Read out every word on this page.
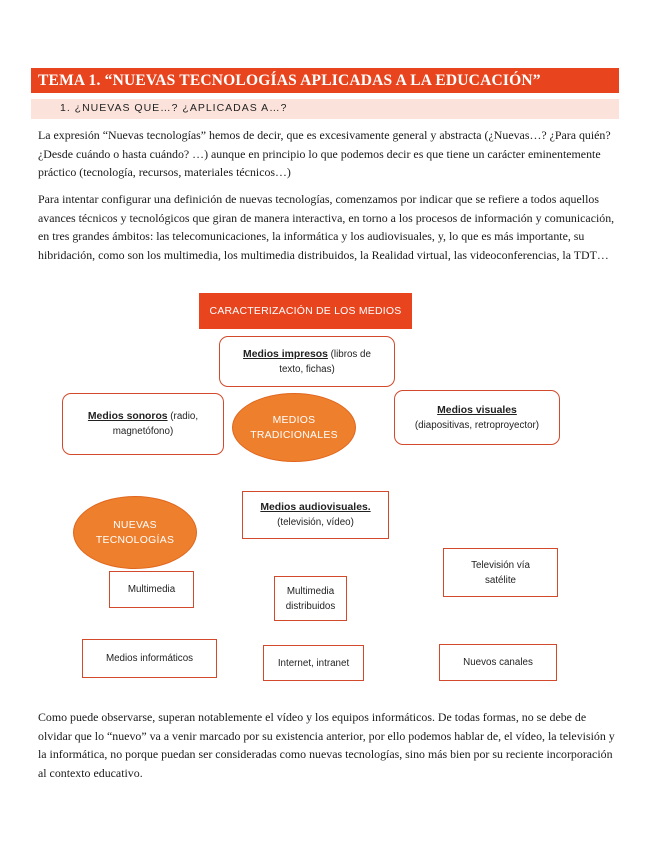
TEMA 1. “NUEVAS TECNOLOGÍAS APLICADAS A LA EDUCACIÓN”
1. ¿NUEVAS QUE…? ¿APLICADAS A…?

La expresión “Nuevas tecnologías” hemos de decir, que es excesivamente general y abstracta (¿Nuevas…? ¿Para quién? ¿Desde cuándo o hasta cuándo? …) aunque en principio lo que podemos decir es que tiene un carácter eminentemente práctico (tecnología, recursos, materiales técnicos…)

Para intentar configurar una definición de nuevas tecnologías, comenzamos por indicar que se refiere a todos aquellos avances técnicos y tecnológicos que giran de manera interactiva, en torno a los procesos de información y comunicación, en tres grandes ámbitos: las telecomunicaciones, la informática y los audiovisuales, y, lo que es más importante, su hibridación, como son los multimedia, los multimedia distribuidos, la Realidad virtual, las videoconferencias, la TDT…

CARACTERIZACIÓN DE LOS MEDIOS
Medios impresos (libros de
texto, fichas)
Medios sonoros (radio,
magnetófono)
MEDIOS
TRADICIONALES
Medios visuales
(diapositivas, retroproyector)
Medios audiovisuales.
(televisión, vídeo)
NUEVAS
TECNOLOGÍAS
Televisión vía
satélite
Multimedia	Multimedia
distribuidos
Medios informáticos	Internet, intranet	Nuevos canales

Como puede observarse, superan notablemente el vídeo y los equipos informáticos. De todas formas, no se debe de olvidar que lo “nuevo” va a venir marcado por su existencia anterior, por ello podemos hablar de, el vídeo, la televisión y la informática, no porque puedan ser consideradas como nuevas tecnologías, sino más bien por su reciente incorporación al contexto educativo.
